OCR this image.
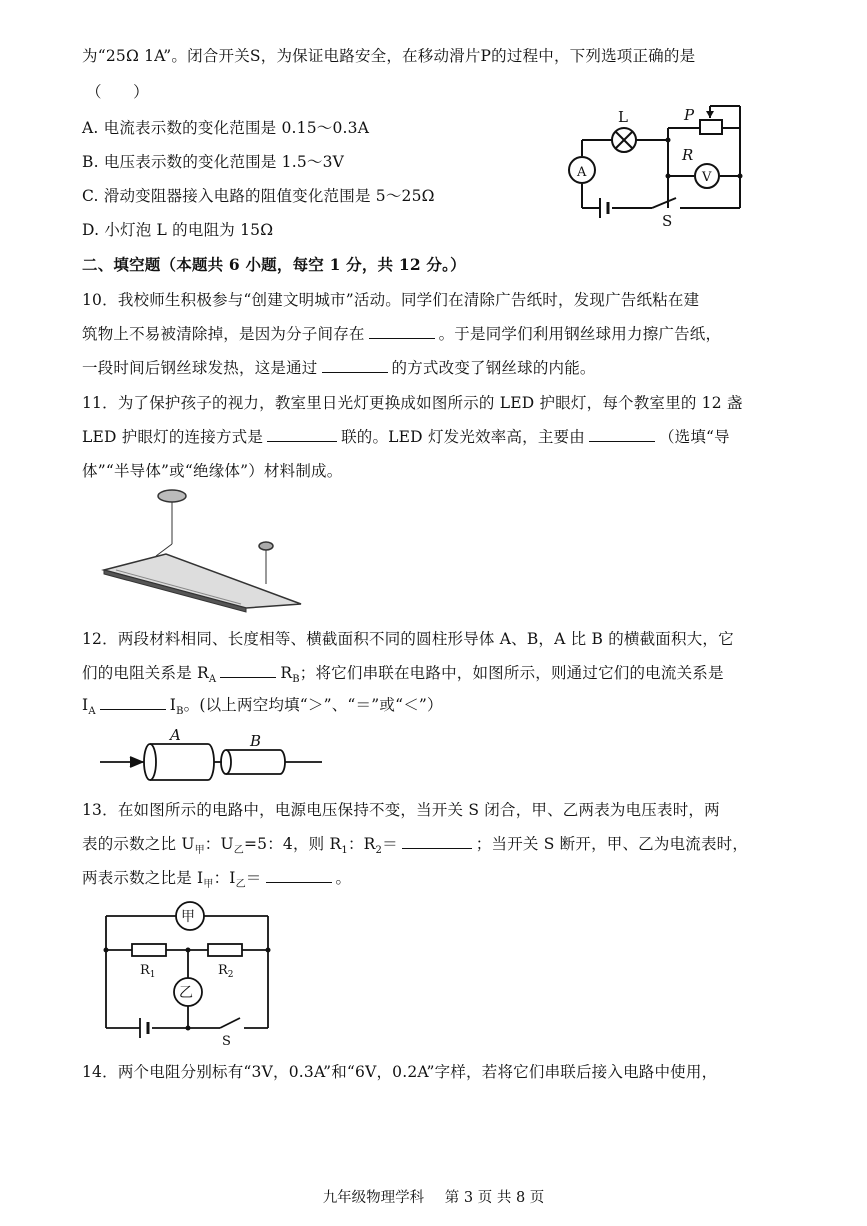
为“25Ω 1A”。闭合开关S，为保证电路安全，在移动滑片P的过程中，下列选项正确的是
（　　）
A. 电流表示数的变化范围是 0.15～0.3A
B. 电压表示数的变化范围是 1.5～3V
C. 滑动变阻器接入电路的阻值变化范围是 5～25Ω
D. 小灯泡 L 的电阻为 15Ω
L	P
R
A	V
S
二、填空题（本题共 6 小题，每空 1 分，共 12 分。）
10．我校师生积极参与“创建文明城市”活动。同学们在清除广告纸时，发现广告纸粘在建
筑物上不易被清除掉，是因为分子间存在	。于是同学们利用钢丝球用力擦广告纸，
一段时间后钢丝球发热，这是通过	的方式改变了钢丝球的内能。
11．为了保护孩子的视力，教室里日光灯更换成如图所示的 LED 护眼灯，每个教室里的 12 盏
LED 护眼灯的连接方式是	联的。LED 灯发光效率高，主要由	（选填“导
体”“半导体”或“绝缘体”）材料制成。
12．两段材料相同、长度相等、横截面积不同的圆柱形导体 A、B，A 比 B 的横截面积大，它
们的电阻关系是 $R_A$	$R_B$；将它们串联在电路中，如图所示，则通过它们的电流关系是
$I_A$	$I_B$。(以上两空均填“＞”、“＝”或“＜”）
A	B
13．在如图所示的电路中，电源电压保持不变，当开关 S 闭合，甲、乙两表为电压表时，两
表的示数之比 $U_甲$：$U_乙=5$：4，则 $R_1$：$R_2=$	；当开关 S 断开，甲、乙为电流表时，
两表示数之比是 $I_甲$：$I_乙=$	。
甲
乙
$R_1$	$R_2$
S
14．两个电阻分别标有“3V，0.3A”和“6V，0.2A”字样，若将它们串联后接入电路中使用，
九年级物理学科 第 3 页 共 8 页
